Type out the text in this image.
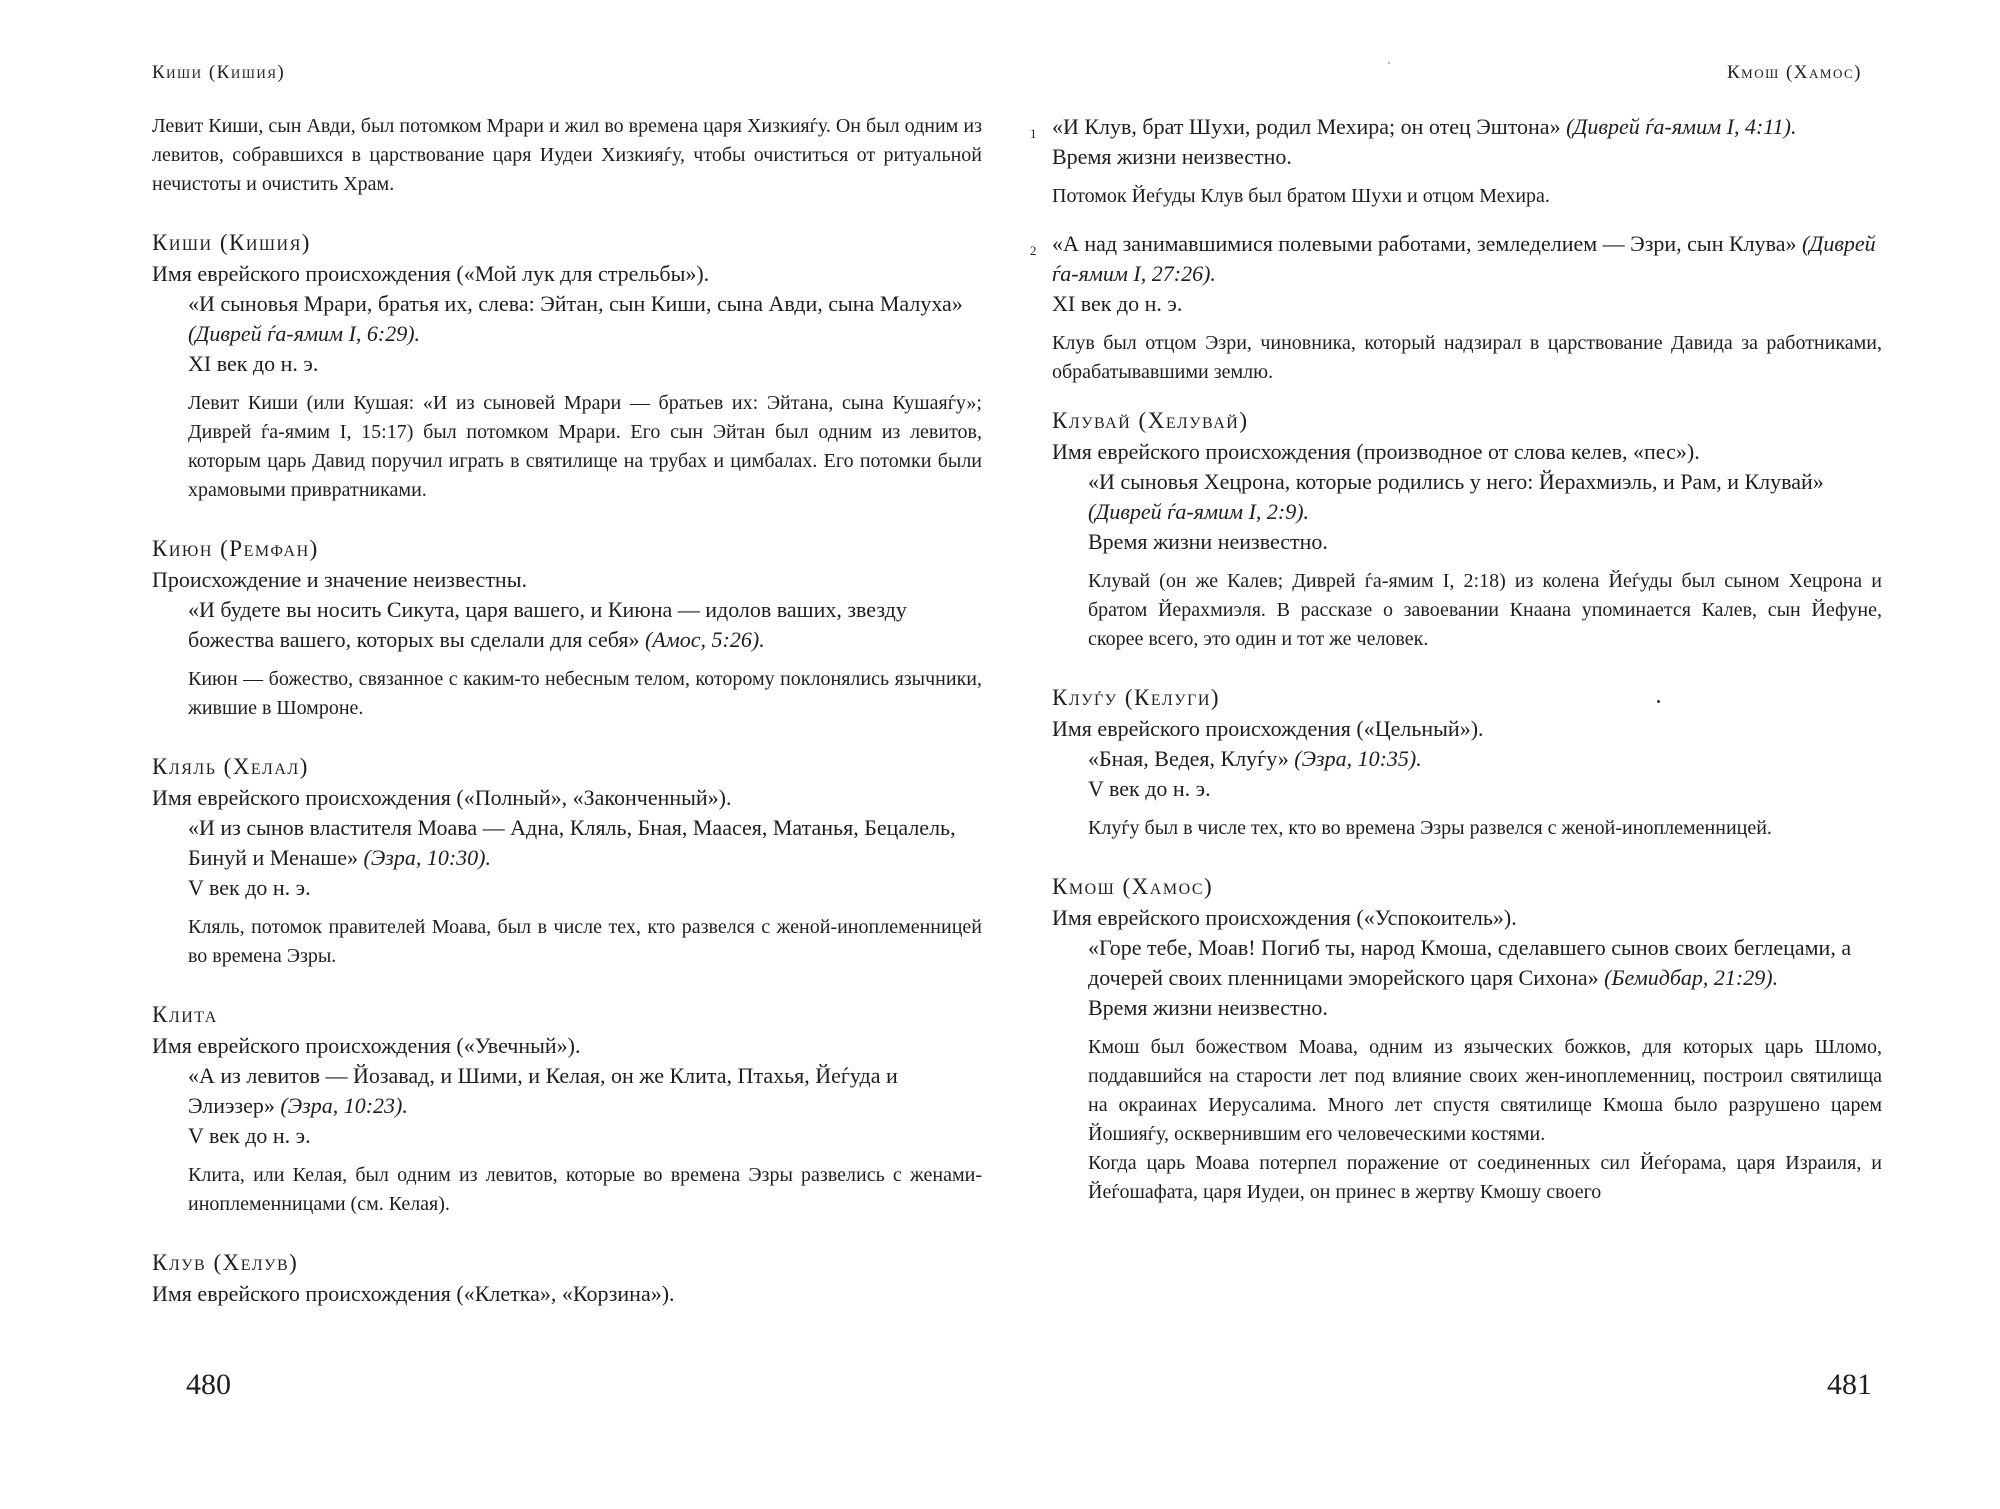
Киши (Кишия)
Левит Киши, сын Авди, был потомком Мрари и жил во времена царя Хизкияѓу. Он был одним из левитов, собравшихся в царствование царя Иудеи Хизкияѓу, чтобы очиститься от ритуальной нечистоты и очистить Храм.
Киши (Кишия)
Имя еврейского происхождения («Мой лук для стрельбы»).
«И сыновья Мрари, братья их, слева: Эйтан, сын Киши, сына Авди, сына Малуха» (Диврей ѓа-ямим I, 6:29).
XI век до н. э.
Левит Киши (или Кушая: «И из сыновей Мрари — братьев их: Эйтана, сына Кушаяѓу»; Диврей ѓа-ямим I, 15:17) был потомком Мрари. Его сын Эйтан был одним из левитов, которым царь Давид поручил играть в святилище на трубах и цимбалах. Его потомки были храмовыми привратниками.
Киюн (Ремфан)
Происхождение и значение неизвестны.
«И будете вы носить Сикута, царя вашего, и Киюна — идолов ваших, звезду божества вашего, которых вы сделали для себя» (Амос, 5:26).
Киюн — божество, связанное с каким-то небесным телом, которому поклонялись язычники, жившие в Шомроне.
Кляль (Хелал)
Имя еврейского происхождения («Полный», «Законченный»).
«И из сынов властителя Моава — Адна, Кляль, Бная, Маасея, Матанья, Бецалель, Бинуй и Менаше» (Эзра, 10:30).
V век до н. э.
Кляль, потомок правителей Моава, был в числе тех, кто развелся с женой-иноплеменницей во времена Эзры.
Клита
Имя еврейского происхождения («Увечный»).
«А из левитов — Йозавад, и Шими, и Келая, он же Клита, Птахья, Йеѓуда и Элиэзер» (Эзра, 10:23).
V век до н. э.
Клита, или Келая, был одним из левитов, которые во времена Эзры развелись с женами-иноплеменницами (см. Келая).
Клув (Хелув)
Имя еврейского происхождения («Клетка», «Корзина»).
480
Кмош (Хамос)
1 «И Клув, брат Шухи, родил Мехира; он отец Эштона» (Диврей ѓа-ямим I, 4:11).
Время жизни неизвестно.
Потомок Йеѓуды Клув был братом Шухи и отцом Мехира.
2 «А над занимавшимися полевыми работами, земледелием — Эзри, сын Клува» (Диврей ѓа-ямим I, 27:26).
XI век до н. э.
Клув был отцом Эзри, чиновника, который надзирал в царствование Давида за работниками, обрабатывавшими землю.
Клувай (Хелувай)
Имя еврейского происхождения (производное от слова келев, «пес»).
«И сыновья Хецрона, которые родились у него: Йерахмиэль, и Рам, и Клувай» (Диврей ѓа-ямим I, 2:9).
Время жизни неизвестно.
Клувай (он же Калев; Диврей ѓа-ямим I, 2:18) из колена Йеѓуды был сыном Хецрона и братом Йерахмиэля. В рассказе о завоевании Кнаана упоминается Калев, сын Йефуне, скорее всего, это один и тот же человек.
Клуѓу (Келуги)
Имя еврейского происхождения («Цельный»).
«Бная, Ведея, Клуѓу» (Эзра, 10:35).
V век до н. э.
Клуѓу был в числе тех, кто во времена Эзры развелся с женой-иноплеменницей.
Кмош (Хамос)
Имя еврейского происхождения («Успокоитель»).
«Горе тебе, Моав! Погиб ты, народ Кмоша, сделавшего сынов своих беглецами, а дочерей своих пленницами эморейского царя Сихона» (Бемидбар, 21:29).
Время жизни неизвестно.
Кмош был божеством Моава, одним из языческих божков, для которых царь Шломо, поддавшийся на старости лет под влияние своих жен-иноплеменниц, построил святилища на окраинах Иерусалима. Много лет спустя святилище Кмоша было разрушено царем Йошияѓу, осквернившим его человеческими костями.
Когда царь Моава потерпел поражение от соединенных сил Йеѓорама, царя Израиля, и Йеѓошафата, царя Иудеи, он принес в жертву Кмошу своего
481
